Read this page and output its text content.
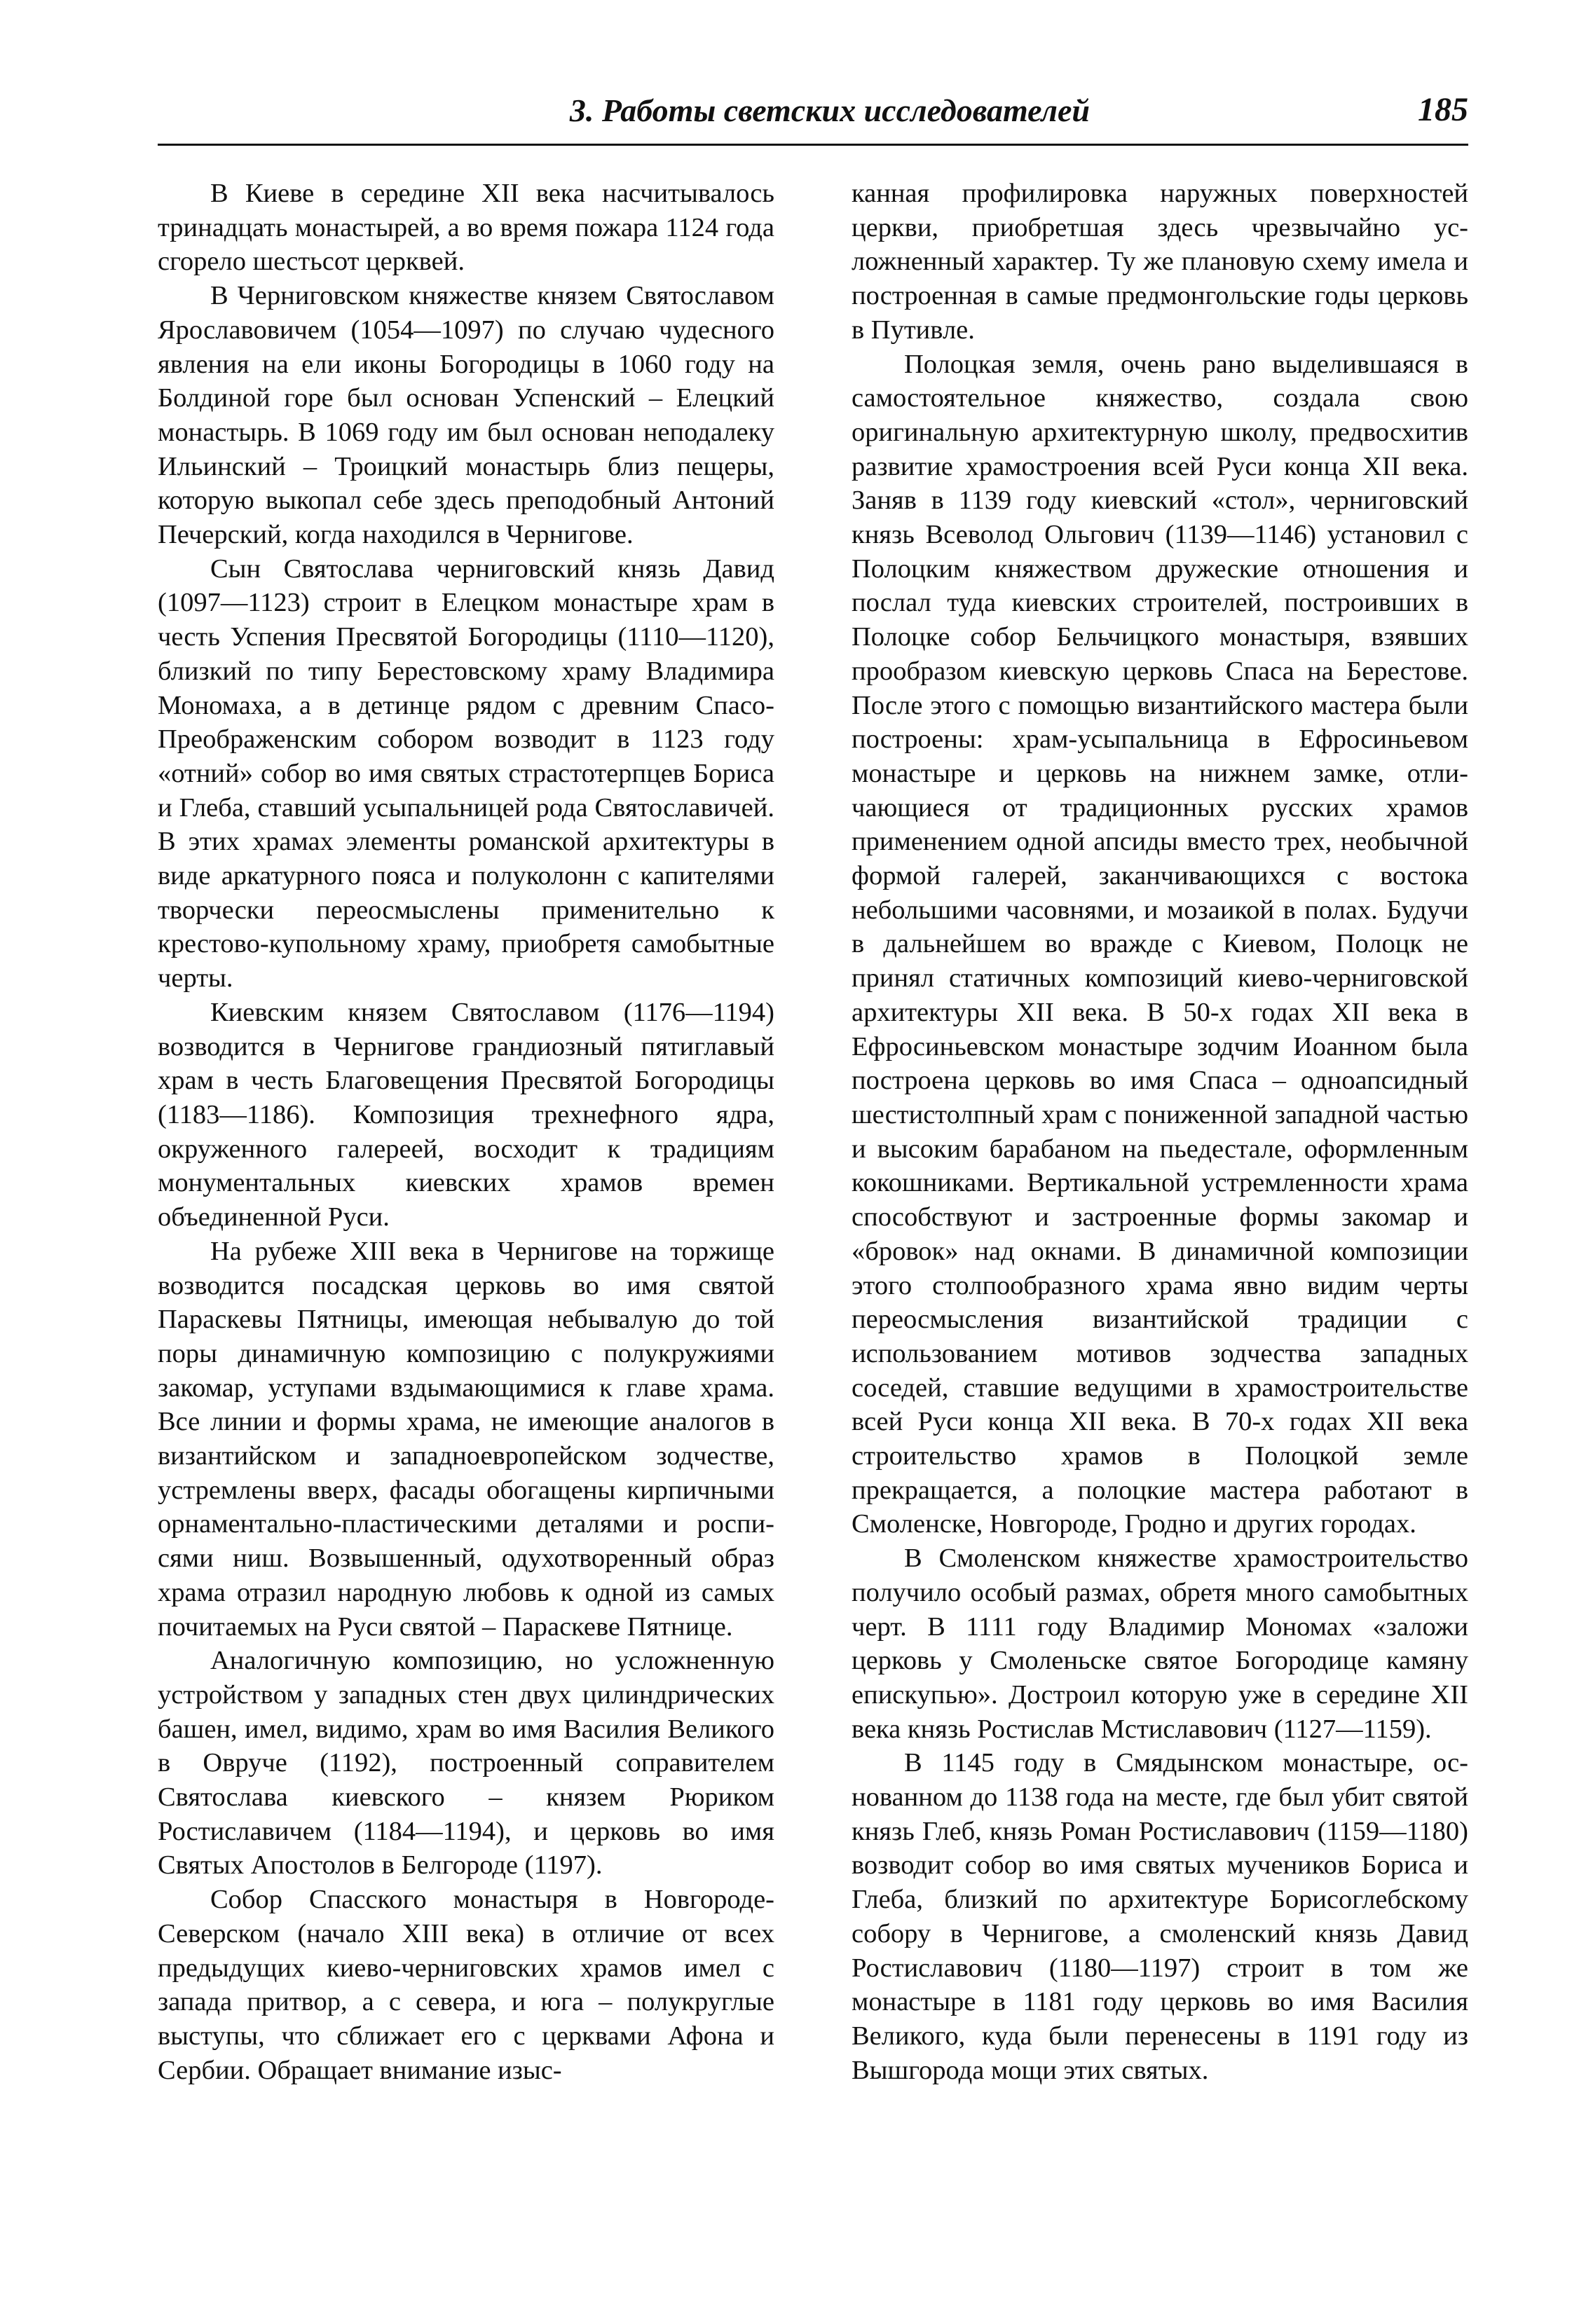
3. Работы светских исследователей	185

В Киеве в середине XII века насчитывалось тринадцать монастырей, а во время пожара 1124 года сгорело шестьсот церквей.

В Черниговском княжестве князем Святославом Ярославовичем (1054—1097) по случаю чудесного явления на ели иконы Богородицы в 1060 году на Болдиной горе был основан Успенский – Елецкий монастырь. В 1069 году им был основан неподалеку Ильинский – Троицкий монастырь близ пещеры, которую выкопал себе здесь преподобный Антоний Печерский, когда находился в Чернигове.

Сын Святослава черниговский князь Давид (1097—1123) строит в Елецком монастыре храм в честь Успения Пресвятой Богородицы (1110—1120), близкий по типу Берестовскому храму Владимира Мономаха, а в детинце рядом с древним Спасо-Преображенским собором возводит в 1123 году «отний» собор во имя святых страстотерпцев Бориса и Глеба, ставший усыпальницей рода Святославичей. В этих храмах элементы романской архитектуры в виде аркатурного пояса и полуколонн с капителями творчески переосмыслены применительно к крестово-купольному храму, приобретя самобытные черты.

Киевским князем Святославом (1176—1194) возводится в Чернигове грандиозный пятиглавый храм в честь Благовещения Пресвятой Богородицы (1183—1186). Композиция трехнефного ядра, окруженного галереей, восходит к традициям монументальных киевских храмов времен объединенной Руси.

На рубеже XIII века в Чернигове на торжище возводится посадская церковь во имя святой Параскевы Пятницы, имеющая небывалую до той поры динамичную композицию с полукружиями закомар, уступами вздымающимися к главе храма. Все линии и формы храма, не имеющие аналогов в византийском и западноевропейском зодчестве, устремлены вверх, фасады обогащены кирпичными орнаментально-пластическими деталями и росписями ниш. Возвышенный, одухотворенный образ храма отразил народную любовь к одной из самых почитаемых на Руси святой – Параскеве Пятнице.

Аналогичную композицию, но усложненную устройством у западных стен двух цилиндрических башен, имел, видимо, храм во имя Василия Великого в Овруче (1192), построенный соправителем Святослава киевского – князем Рюриком Ростиславичем (1184—1194), и церковь во имя Святых Апостолов в Белгороде (1197).

Собор Спасского монастыря в Новгороде-Северском (начало XIII века) в отличие от всех предыдущих киево-черниговских храмов имел с запада притвор, а с севера, и юга – полукруглые выступы, что сближает его с церквами Афона и Сербии. Обращает внимание изыс-

канная профилировка наружных поверхностей церкви, приобретшая здесь чрезвычайно усложненный характер. Ту же плановую схему имела и построенная в самые предмонгольские годы церковь в Путивле.

Полоцкая земля, очень рано выделившаяся в самостоятельное княжество, создала свою оригинальную архитектурную школу, предвосхитив развитие храмостроения всей Руси конца XII века. Заняв в 1139 году киевский «стол», черниговский князь Всеволод Ольгович (1139—1146) установил с Полоцким княжеством дружеские отношения и послал туда киевских строителей, построивших в Полоцке собор Бельчицкого монастыря, взявших прообразом киевскую церковь Спаса на Берестове. После этого с помощью византийского мастера были построены: храм-усыпальница в Ефросиньевом монастыре и церковь на нижнем замке, отличающиеся от традиционных русских храмов применением одной апсиды вместо трех, необычной формой галерей, заканчивающихся с востока небольшими часовнями, и мозаикой в полах. Будучи в дальнейшем во вражде с Киевом, Полоцк не принял статичных композиций киево-черниговской архитектуры XII века. В 50-х годах XII века в Ефросиньевском монастыре зодчим Иоанном была построена церковь во имя Спаса – одноапсидный шестистолпный храм с пониженной западной частью и высоким барабаном на пьедестале, оформленным кокошниками. Вертикальной устремленности храма способствуют и застроенные формы закомар и «бровок» над окнами. В динамичной композиции этого столпообразного храма явно видим черты переосмысления византийской традиции с использованием мотивов зодчества западных соседей, ставшие ведущими в храмостроительстве всей Руси конца XII века. В 70-х годах XII века строительство храмов в Полоцкой земле прекращается, а полоцкие мастера работают в Смоленске, Новгороде, Гродно и других городах.

В Смоленском княжестве храмостроительство получило особый размах, обретя много самобытных черт. В 1111 году Владимир Мономах «заложи церковь у Смоленьске святое Богородице камяну епискупью». Достроил которую уже в середине XII века князь Ростислав Мстиславович (1127—1159).

В 1145 году в Смядынском монастыре, основанном до 1138 года на месте, где был убит святой князь Глеб, князь Роман Ростиславович (1159—1180) возводит собор во имя святых мучеников Бориса и Глеба, близкий по архитектуре Борисоглебскому собору в Чернигове, а смоленский князь Давид Ростиславович (1180—1197) строит в том же монастыре в 1181 году церковь во имя Василия Великого, куда были перенесены в 1191 году из Вышгорода мощи этих святых.
